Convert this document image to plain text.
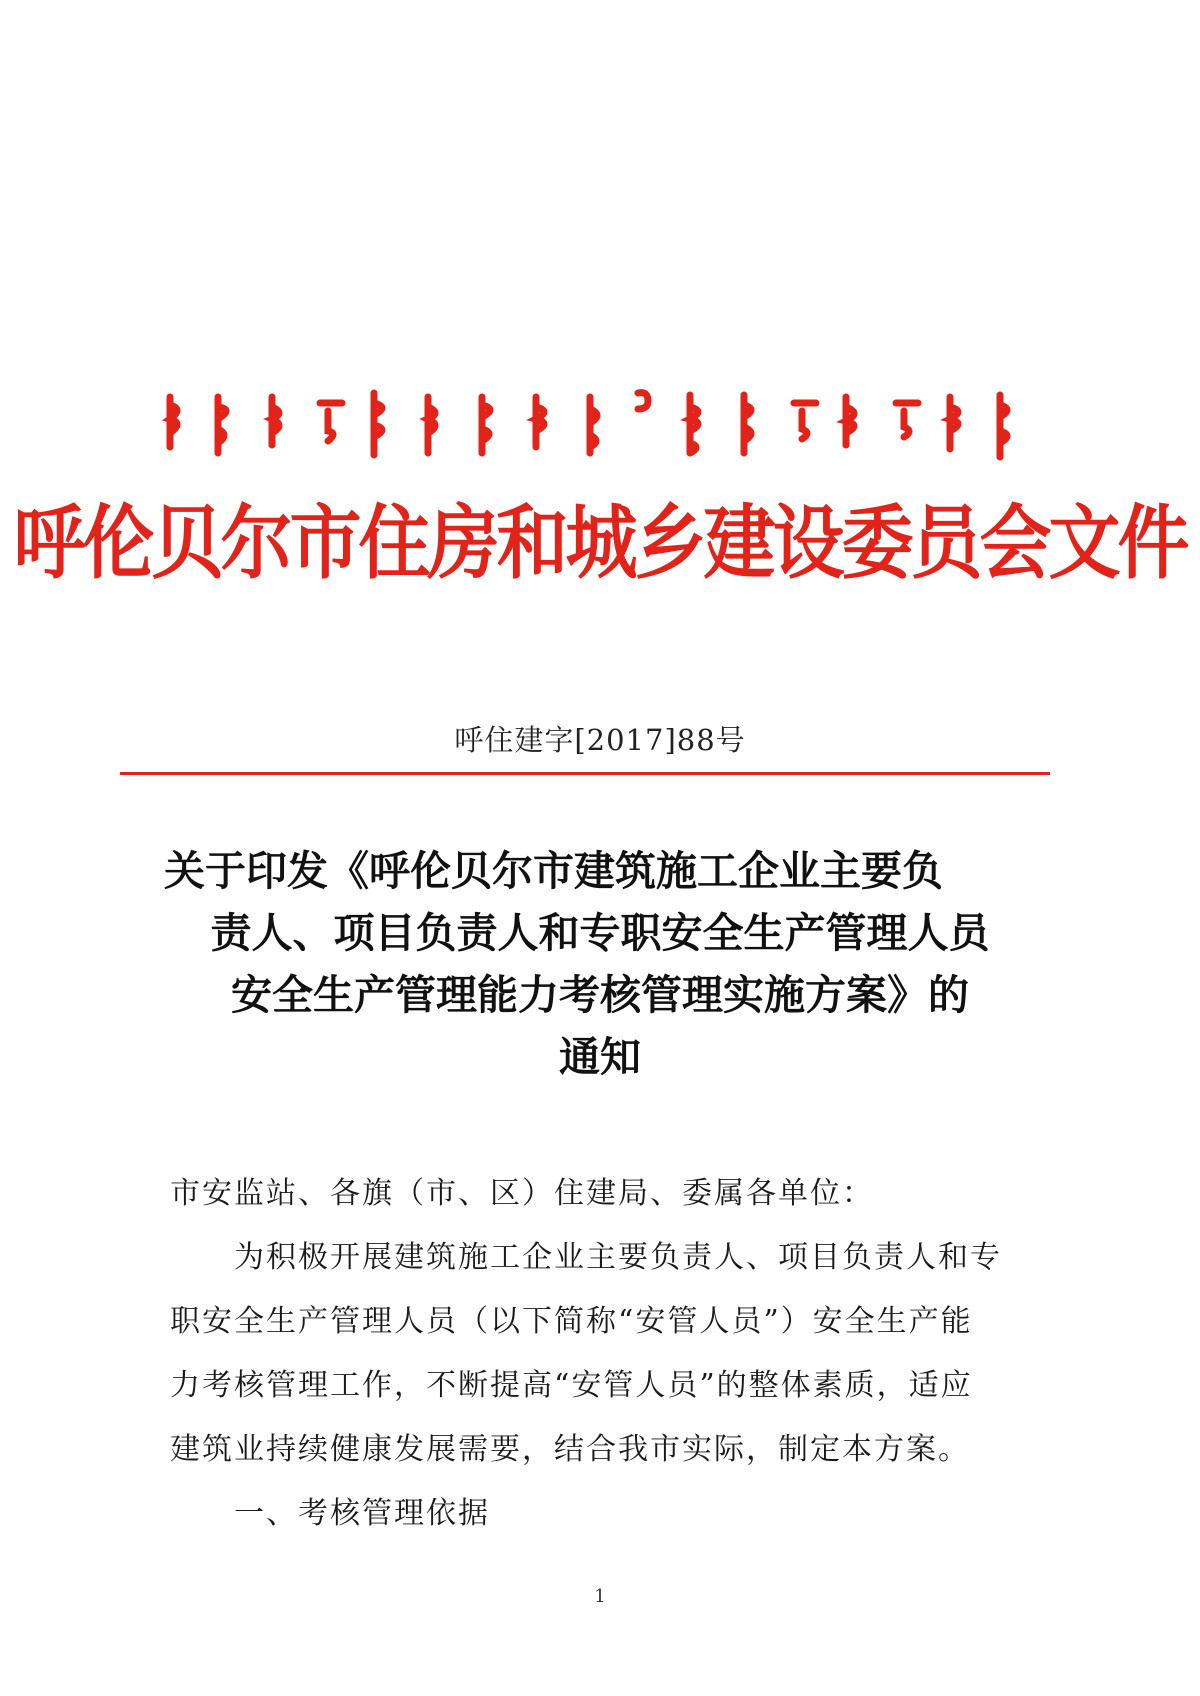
呼伦贝尔市住房和城乡建设委员会文件
呼住建字[2017]88号
关于印发《呼伦贝尔市建筑施工企业主要负
责人、项目负责人和专职安全生产管理人员
安全生产管理能力考核管理实施方案》的
通知
市安监站、各旗（市、区）住建局、委属各单位：
为积极开展建筑施工企业主要负责人、项目负责人和专
职安全生产管理人员（以下简称“安管人员”）安全生产能
力考核管理工作，不断提高“安管人员”的整体素质，适应
建筑业持续健康发展需要，结合我市实际，制定本方案。
一、考核管理依据
1
